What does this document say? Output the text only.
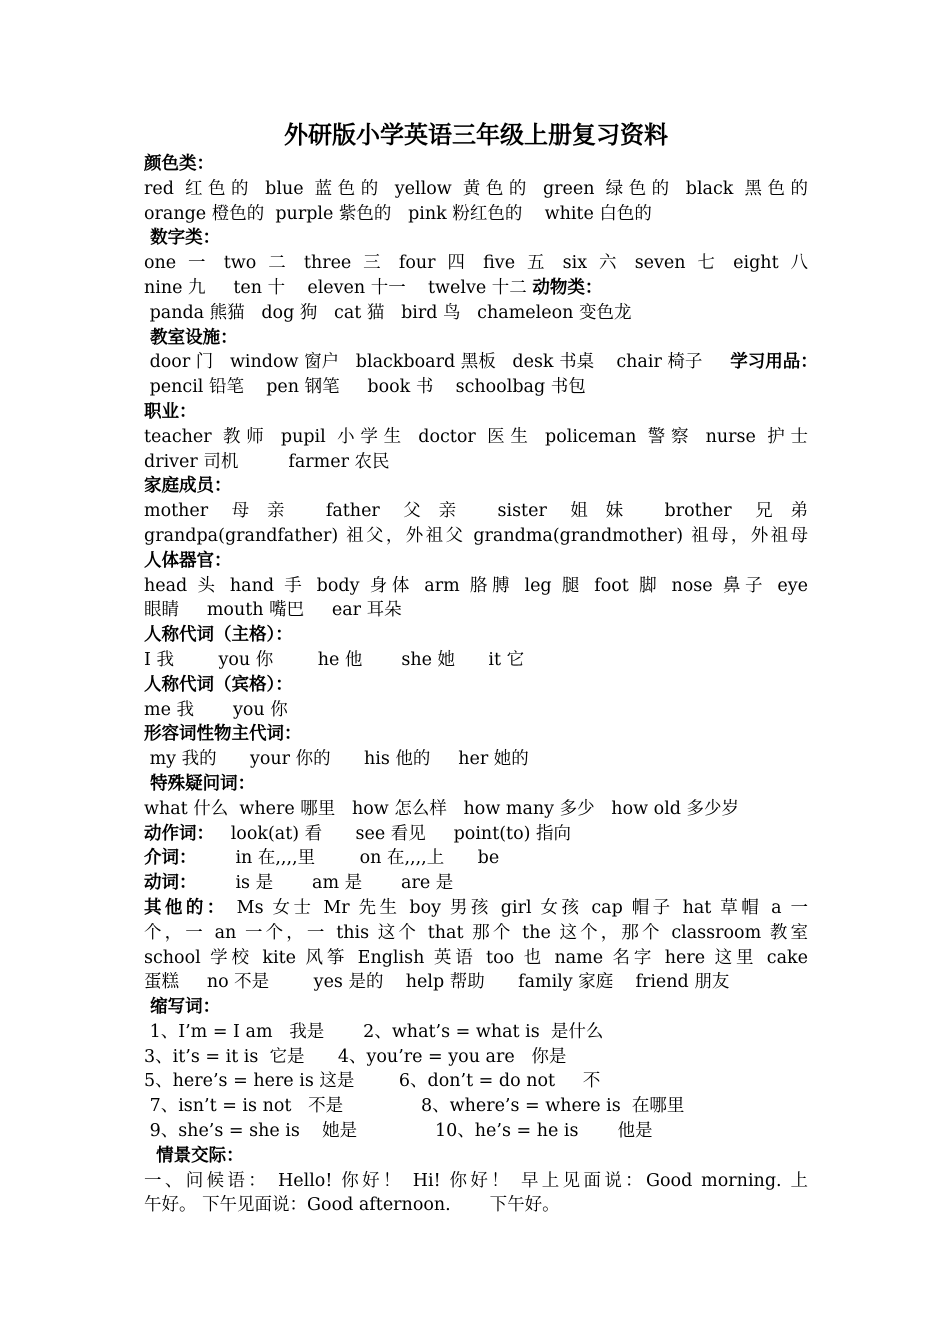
外研版小学英语三年级上册复习资料
颜色类：
red 红色的 blue 蓝色的 yellow 黄色的 green 绿色的 black 黑色的
orange 橙色的  purple 紫色的   pink 粉红色的    white 白色的
数字类：
one 一 two 二 three 三 four 四 five 五 six 六 seven 七 eight 八
nine 九     ten 十    eleven 十一    twelve 十二 动物类：
panda 熊猫   dog 狗   cat 猫   bird 鸟   chameleon 变色龙
教室设施：
door 门   window 窗户   blackboard 黑板   desk 书桌    chair 椅子     学习用品：
pencil 铅笔    pen 钢笔     book 书    schoolbag 书包
职业：
teacher 教师 pupil 小学生 doctor 医生 policeman 警察 nurse 护士
driver 司机         farmer 农民
家庭成员：
mother 母亲 father 父亲 sister 姐妹 brother 兄弟
grandpa(grandfather) 祖父，外祖父 grandma(grandmother) 祖母，外祖母
人体器官：
head 头 hand 手 body 身体 arm 胳膊 leg 腿 foot 脚 nose 鼻子 eye
眼睛     mouth 嘴巴     ear 耳朵
人称代词（主格）：
I 我        you 你        he 他       she 她      it 它
人称代词（宾格）：
me 我       you 你
形容词性物主代词：
my 我的      your 你的      his 他的     her 她的
特殊疑问词：
what 什么  where 哪里   how 怎么样   how many 多少   how old 多少岁
动作词：   look(at) 看      see 看见     point(to) 指向
介词：       in 在,,,,里        on 在,,,,上      be
动词：       is 是       am 是       are 是
其他的： Ms 女士 Mr 先生 boy 男孩 girl 女孩 cap 帽子 hat 草帽 a 一
个，一 an 一个，一 this 这个 that 那个 the 这个，那个 classroom 教室
school 学校 kite 风筝 English 英语 too 也 name 名字 here 这里 cake
蛋糕     no 不是        yes 是的    help 帮助      family 家庭    friend 朋友
缩写词：
1、I’m = I am   我是       2、what’s = what is  是什么
3、it’s = it is  它是      4、you’re = you are   你是
5、here’s = here is 这是        6、don’t = do not     不
7、isn’t = is not   不是              8、where’s = where is  在哪里
9、she’s = she is    她是              10、he’s = he is       他是
情景交际：
一、问候语： Hello! 你好！ Hi! 你好！ 早上见面说：Good morning. 上
午好。 下午见面说：Good afternoon.       下午好。
